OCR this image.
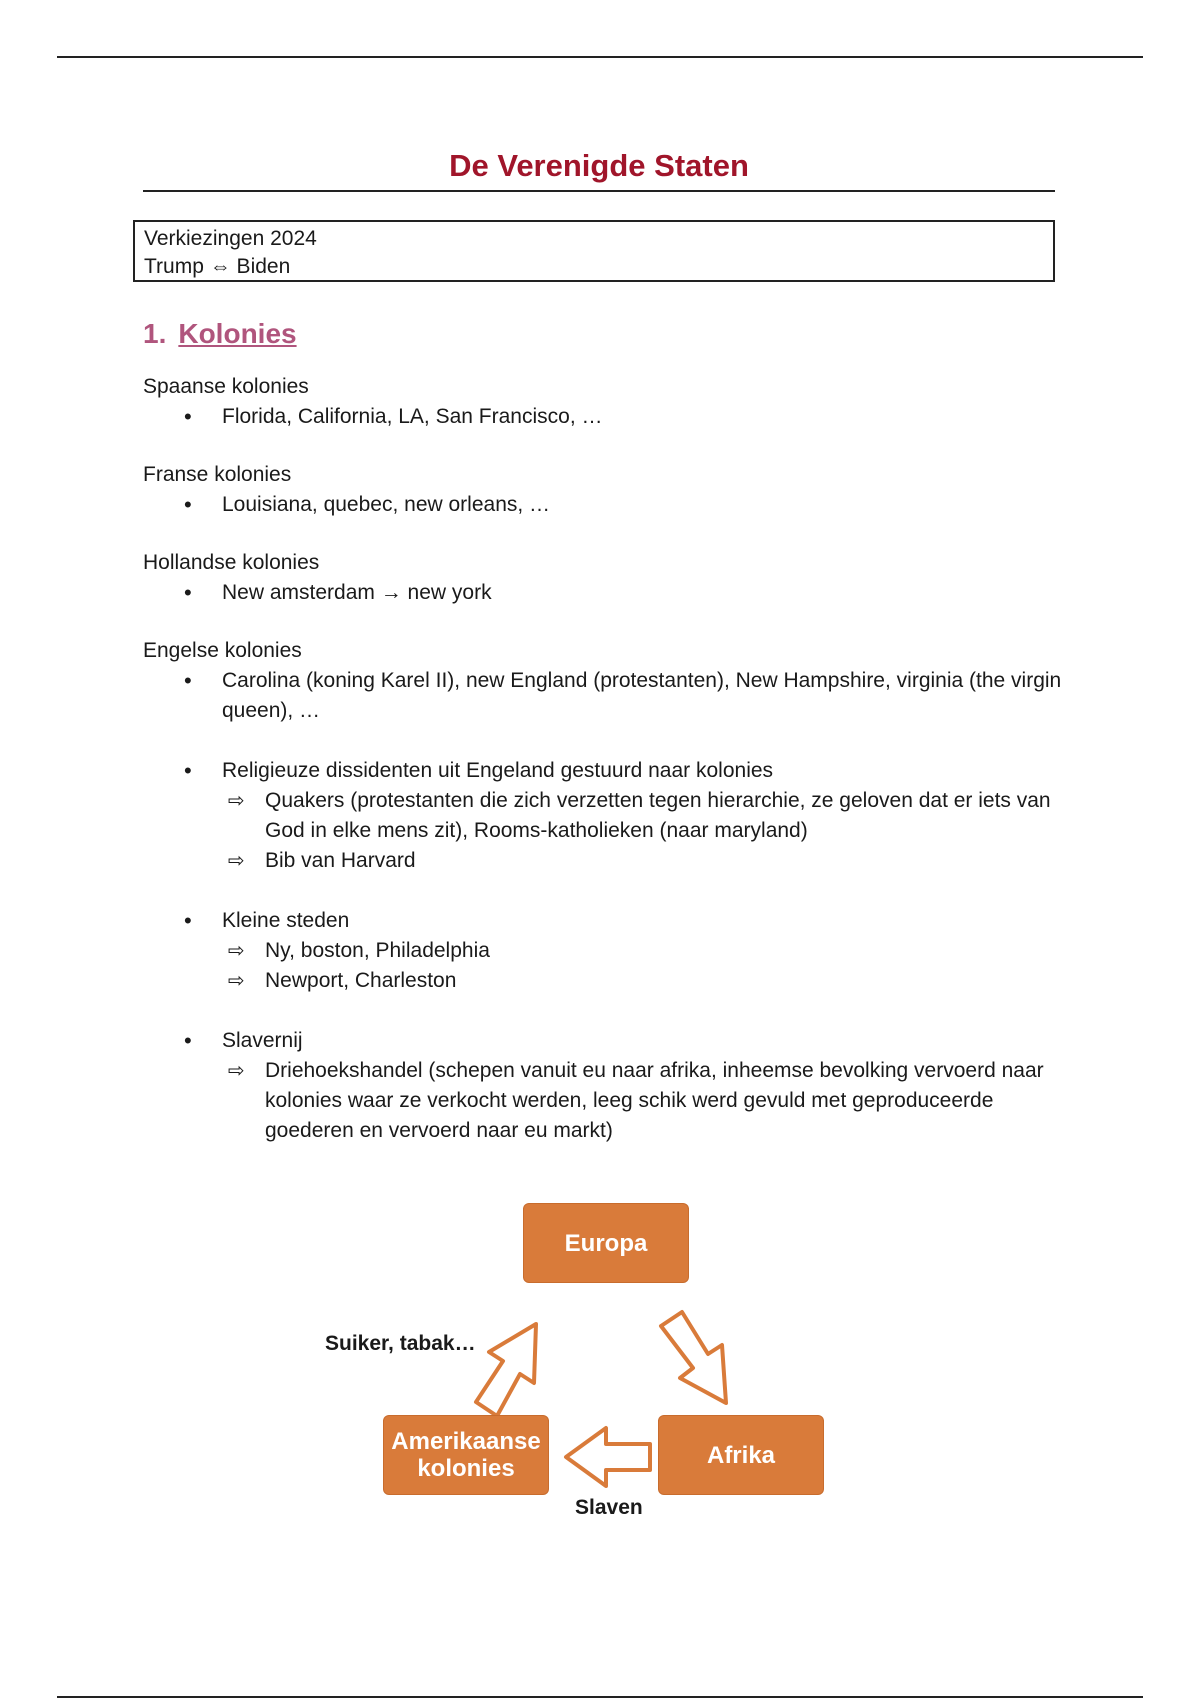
De Verenigde Staten
Verkiezingen 2024
Trump ⇔ Biden
1. Kolonies

Spaanse kolonies

• Florida, California, LA, San Francisco, …

Franse kolonies

• Louisiana, quebec, new orleans, …

Hollandse kolonies

• New amsterdam → new york

Engelse kolonies

• Carolina (koning Karel II), new England (protestanten), New Hampshire, virginia (the virgin queen), …
• Religieuze dissidenten uit Engeland gestuurd naar kolonies
⇨ Quakers (protestanten die zich verzetten tegen hierarchie, ze geloven dat er iets van God in elke mens zit), Rooms-katholieken (naar maryland)
⇨ Bib van Harvard
• Kleine steden
⇨ Ny, boston, Philadelphia
⇨ Newport, Charleston
• Slavernij
⇨ Driehoekshandel (schepen vanuit eu naar afrika, inheemse bevolking vervoerd naar kolonies waar ze verkocht werden, leeg schik werd gevuld met geproduceerde goederen en vervoerd naar eu markt)
Europa
Afrika
Amerikaanse
kolonies
Suiker, tabak…
Slaven
